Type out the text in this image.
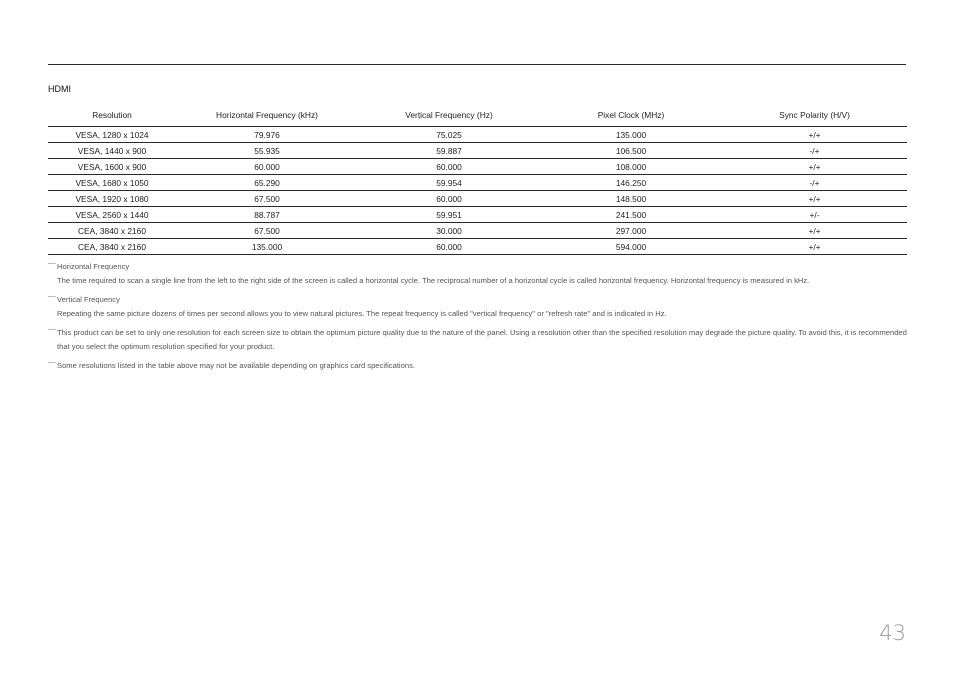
HDMI
Resolution	Horizontal Frequency (kHz)	Vertical Frequency (Hz)	Pixel Clock (MHz)	Sync Polarity (H/V)
VESA, 1280 x 1024	79.976	75.025	135.000	+/+
VESA, 1440 x 900	55.935	59.887	106.500	-/+
VESA, 1600 x 900	60.000	60.000	108.000	+/+
VESA, 1680 x 1050	65.290	59.954	146.250	-/+
VESA, 1920 x 1080	67.500	60.000	148.500	+/+
VESA, 2560 x 1440	88.787	59.951	241.500	+/-
CEA, 3840 x 2160	67.500	30.000	297.000	+/+
CEA, 3840 x 2160	135.000	60.000	594.000	+/+
― Horizontal Frequency

The time required to scan a single line from the left to the right side of the screen is called a horizontal cycle. The reciprocal number of a horizontal cycle is called horizontal frequency. Horizontal frequency is measured in kHz.

― Vertical Frequency

Repeating the same picture dozens of times per second allows you to view natural pictures. The repeat frequency is called "vertical frequency" or "refresh rate" and is indicated in Hz.

― This product can be set to only one resolution for each screen size to obtain the optimum picture quality due to the nature of the panel. Using a resolution other than the specified resolution may degrade the picture quality. To avoid this, it is recommended that you select the optimum resolution specified for your product.

― Some resolutions listed in the table above may not be available depending on graphics card specifications.

43
